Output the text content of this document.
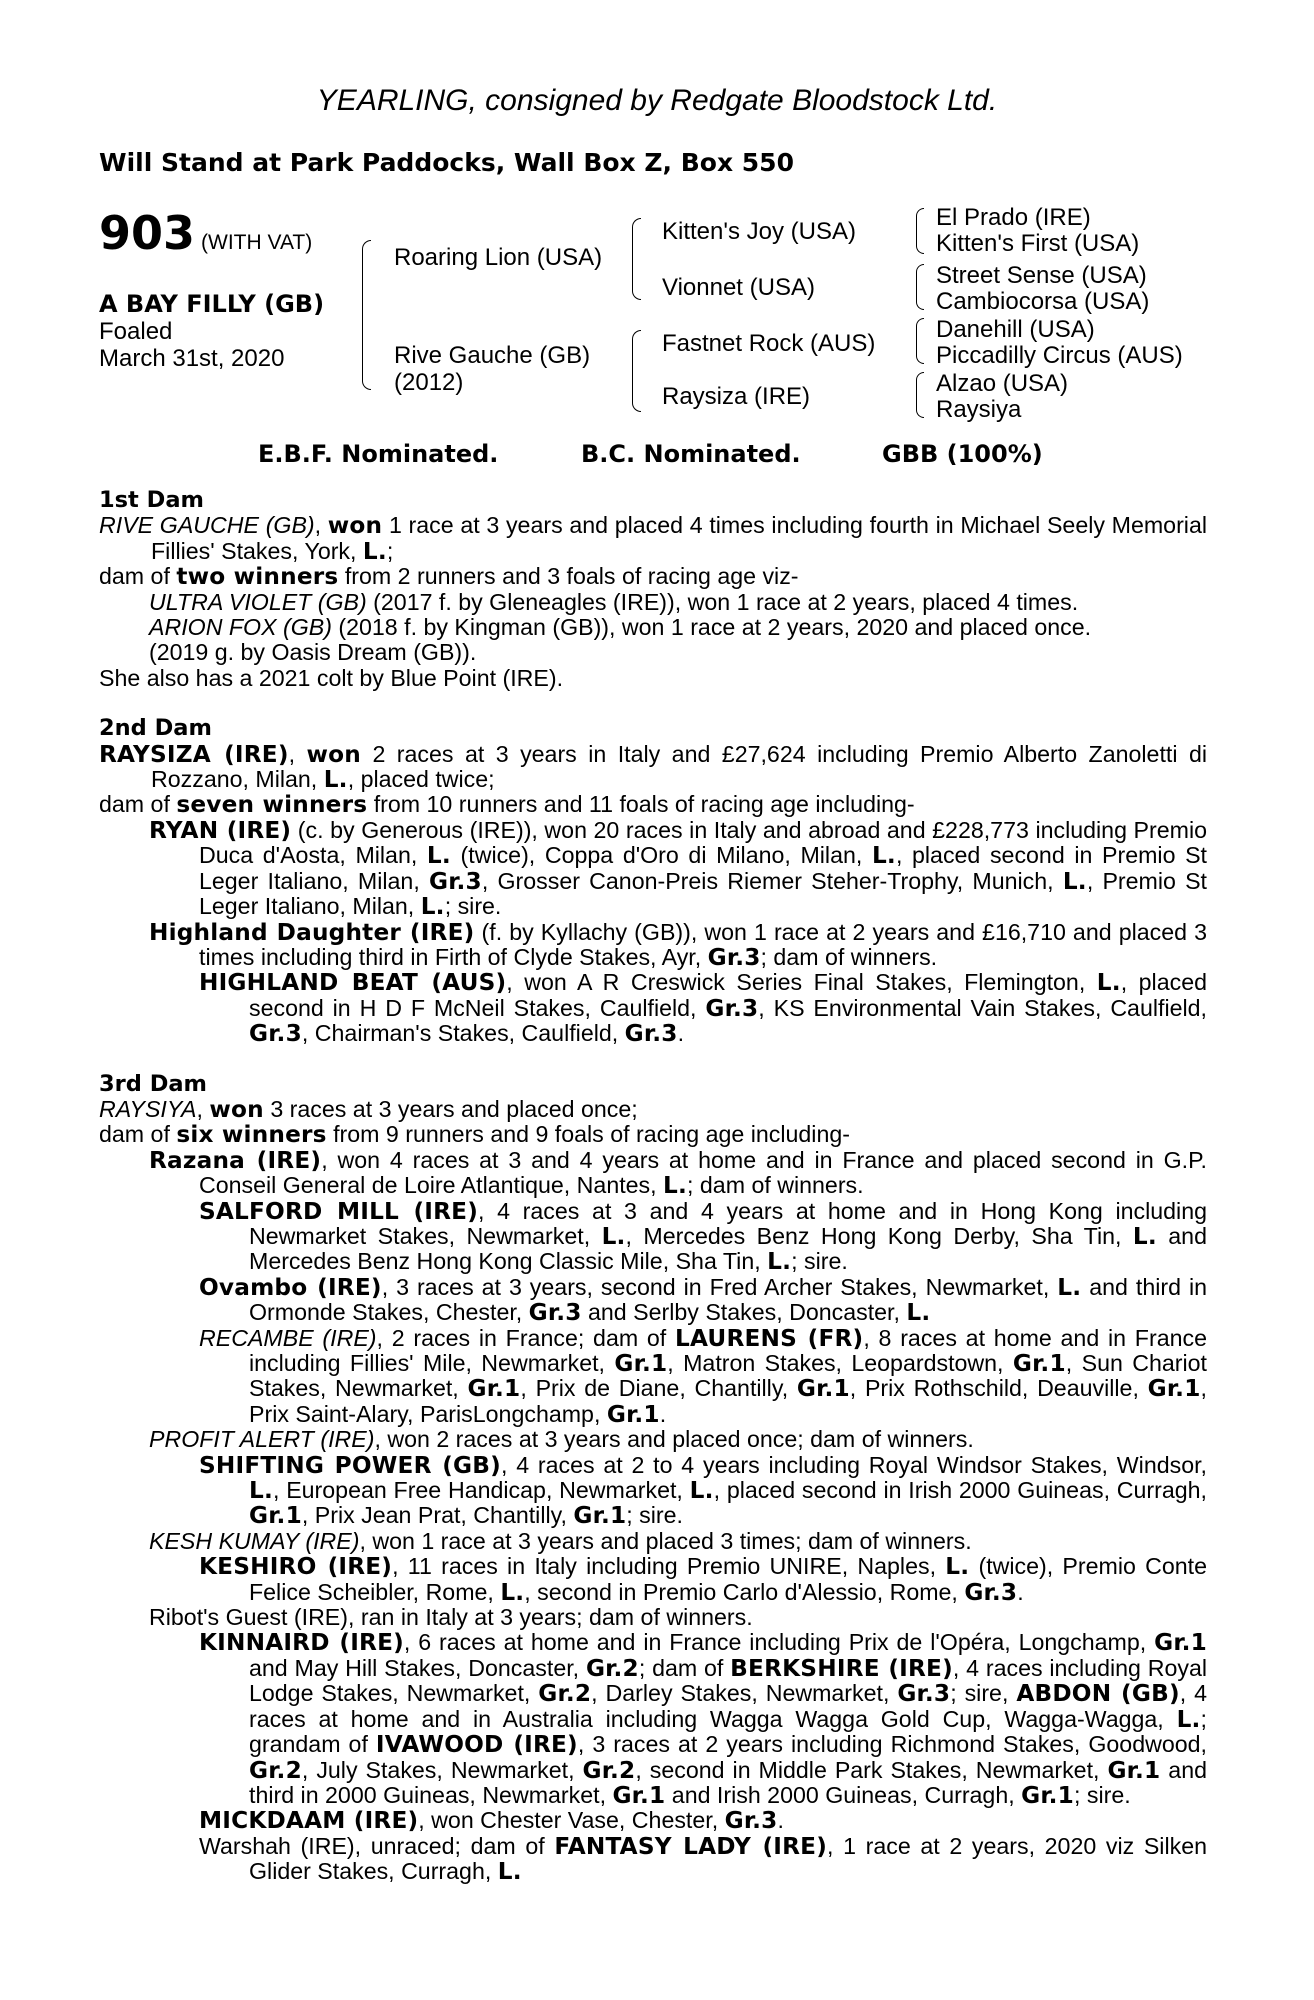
YEARLING, consigned by Redgate Bloodstock Ltd.
Will Stand at Park Paddocks, Wall Box Z, Box 550
903 (WITH VAT)
A BAY FILLY (GB)
Foaled
March 31st, 2020
Roaring Lion (USA)
Rive Gauche (GB)
(2012)
Kitten's Joy (USA)
Vionnet (USA)
Fastnet Rock (AUS)
Raysiza (IRE)
El Prado (IRE)
Kitten's First (USA)
Street Sense (USA)
Cambiocorsa (USA)
Danehill (USA)
Piccadilly Circus (AUS)
Alzao (USA)
Raysiya
E.B.F. Nominated.	B.C. Nominated.	GBB (100%)
1st Dam

RIVE GAUCHE (GB), won 1 race at 3 years and placed 4 times including fourth in Michael Seely Memorial Fillies' Stakes, York, L.;

dam of two winners from 2 runners and 3 foals of racing age viz-

ULTRA VIOLET (GB) (2017 f. by Gleneagles (IRE)), won 1 race at 2 years, placed 4 times.

ARION FOX (GB) (2018 f. by Kingman (GB)), won 1 race at 2 years, 2020 and placed once.

(2019 g. by Oasis Dream (GB)).

She also has a 2021 colt by Blue Point (IRE).

2nd Dam

RAYSIZA (IRE), won 2 races at 3 years in Italy and £27,624 including Premio Alberto Zanoletti di Rozzano, Milan, L., placed twice;

dam of seven winners from 10 runners and 11 foals of racing age including-

RYAN (IRE) (c. by Generous (IRE)), won 20 races in Italy and abroad and £228,773 including Premio Duca d'Aosta, Milan, L. (twice), Coppa d'Oro di Milano, Milan, L., placed second in Premio St Leger Italiano, Milan, Gr.3, Grosser Canon-Preis Riemer Steher-Trophy, Munich, L., Premio St Leger Italiano, Milan, L.; sire.

Highland Daughter (IRE) (f. by Kyllachy (GB)), won 1 race at 2 years and £16,710 and placed 3 times including third in Firth of Clyde Stakes, Ayr, Gr.3; dam of winners.

HIGHLAND BEAT (AUS), won A R Creswick Series Final Stakes, Flemington, L., placed second in H D F McNeil Stakes, Caulfield, Gr.3, KS Environmental Vain Stakes, Caulfield, Gr.3, Chairman's Stakes, Caulfield, Gr.3.

3rd Dam

RAYSIYA, won 3 races at 3 years and placed once;

dam of six winners from 9 runners and 9 foals of racing age including-

Razana (IRE), won 4 races at 3 and 4 years at home and in France and placed second in G.P. Conseil General de Loire Atlantique, Nantes, L.; dam of winners.

SALFORD MILL (IRE), 4 races at 3 and 4 years at home and in Hong Kong including Newmarket Stakes, Newmarket, L., Mercedes Benz Hong Kong Derby, Sha Tin, L. and Mercedes Benz Hong Kong Classic Mile, Sha Tin, L.; sire.

Ovambo (IRE), 3 races at 3 years, second in Fred Archer Stakes, Newmarket, L. and third in Ormonde Stakes, Chester, Gr.3 and Serlby Stakes, Doncaster, L.

RECAMBE (IRE), 2 races in France; dam of LAURENS (FR), 8 races at home and in France including Fillies' Mile, Newmarket, Gr.1, Matron Stakes, Leopardstown, Gr.1, Sun Chariot Stakes, Newmarket, Gr.1, Prix de Diane, Chantilly, Gr.1, Prix Rothschild, Deauville, Gr.1, Prix Saint-Alary, ParisLongchamp, Gr.1.

PROFIT ALERT (IRE), won 2 races at 3 years and placed once; dam of winners.

SHIFTING POWER (GB), 4 races at 2 to 4 years including Royal Windsor Stakes, Windsor, L., European Free Handicap, Newmarket, L., placed second in Irish 2000 Guineas, Curragh, Gr.1, Prix Jean Prat, Chantilly, Gr.1; sire.

KESH KUMAY (IRE), won 1 race at 3 years and placed 3 times; dam of winners.

KESHIRO (IRE), 11 races in Italy including Premio UNIRE, Naples, L. (twice), Premio Conte Felice Scheibler, Rome, L., second in Premio Carlo d'Alessio, Rome, Gr.3.

Ribot's Guest (IRE), ran in Italy at 3 years; dam of winners.

KINNAIRD (IRE), 6 races at home and in France including Prix de l'Opéra, Longchamp, Gr.1 and May Hill Stakes, Doncaster, Gr.2; dam of BERKSHIRE (IRE), 4 races including Royal Lodge Stakes, Newmarket, Gr.2, Darley Stakes, Newmarket, Gr.3; sire, ABDON (GB), 4 races at home and in Australia including Wagga Wagga Gold Cup, Wagga-Wagga, L.; grandam of IVAWOOD (IRE), 3 races at 2 years including Richmond Stakes, Goodwood, Gr.2, July Stakes, Newmarket, Gr.2, second in Middle Park Stakes, Newmarket, Gr.1 and third in 2000 Guineas, Newmarket, Gr.1 and Irish 2000 Guineas, Curragh, Gr.1; sire.

MICKDAAM (IRE), won Chester Vase, Chester, Gr.3.

Warshah (IRE), unraced; dam of FANTASY LADY (IRE), 1 race at 2 years, 2020 viz Silken Glider Stakes, Curragh, L.
